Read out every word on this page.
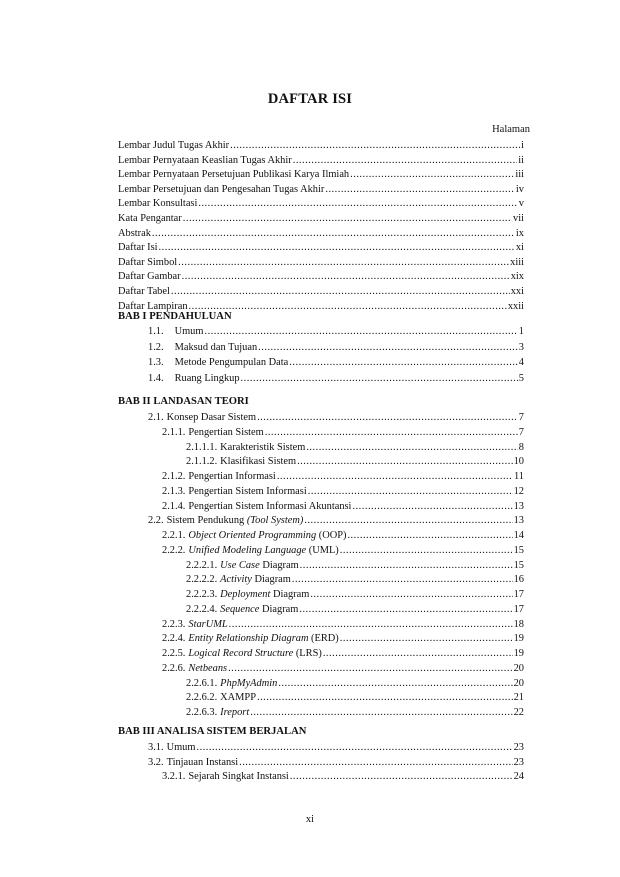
DAFTAR ISI
Halaman
Lembar Judul Tugas Akhir .....	i
Lembar Pernyataan Keaslian Tugas Akhir .....	ii
Lembar Pernyataan Persetujuan Publikasi Karya Ilmiah .....	iii
Lembar Persetujuan dan Pengesahan Tugas Akhir .....	iv
Lembar Konsultasi .....	v
Kata Pengantar .....	vii
Abstrak .....	ix
Daftar Isi .....	xi
Daftar Simbol .....	xiii
Daftar Gambar .....	xix
Daftar Tabel .....	xxi
Daftar Lampiran .....	xxii
BAB I PENDAHULUAN
1.1. Umum .....	1
1.2. Maksud dan Tujuan .....	3
1.3. Metode Pengumpulan Data .....	4
1.4. Ruang Lingkup .....	5
BAB II LANDASAN TEORI
2.1. Konsep Dasar Sistem .....	7
2.1.1. Pengertian Sistem .....	7
2.1.1.1. Karakteristik Sistem .....	8
2.1.1.2. Klasifikasi Sistem .....	10
2.1.2. Pengertian Informasi .....	11
2.1.3. Pengertian Sistem Informasi .....	12
2.1.4. Pengertian Sistem Informasi Akuntansi .....	13
2.2. Sistem Pendukung (Tool System) .....	13
2.2.1. Object Oriented Programming (OOP) .....	14
2.2.2. Unified Modeling Language (UML) .....	15
2.2.2.1. Use Case Diagram .....	15
2.2.2.2. Activity Diagram .....	16
2.2.2.3. Deployment Diagram .....	17
2.2.2.4. Sequence Diagram .....	17
2.2.3. StarUML .....	18
2.2.4. Entity Relationship Diagram (ERD) .....	19
2.2.5. Logical Record Structure (LRS) .....	19
2.2.6. Netbeans .....	20
2.2.6.1. PhpMyAdmin .....	20
2.2.6.2. XAMPP .....	21
2.2.6.3. Ireport .....	22
BAB III ANALISA SISTEM BERJALAN
3.1. Umum .....	23
3.2. Tinjauan Instansi .....	23
3.2.1. Sejarah Singkat Instansi .....	24
xi
